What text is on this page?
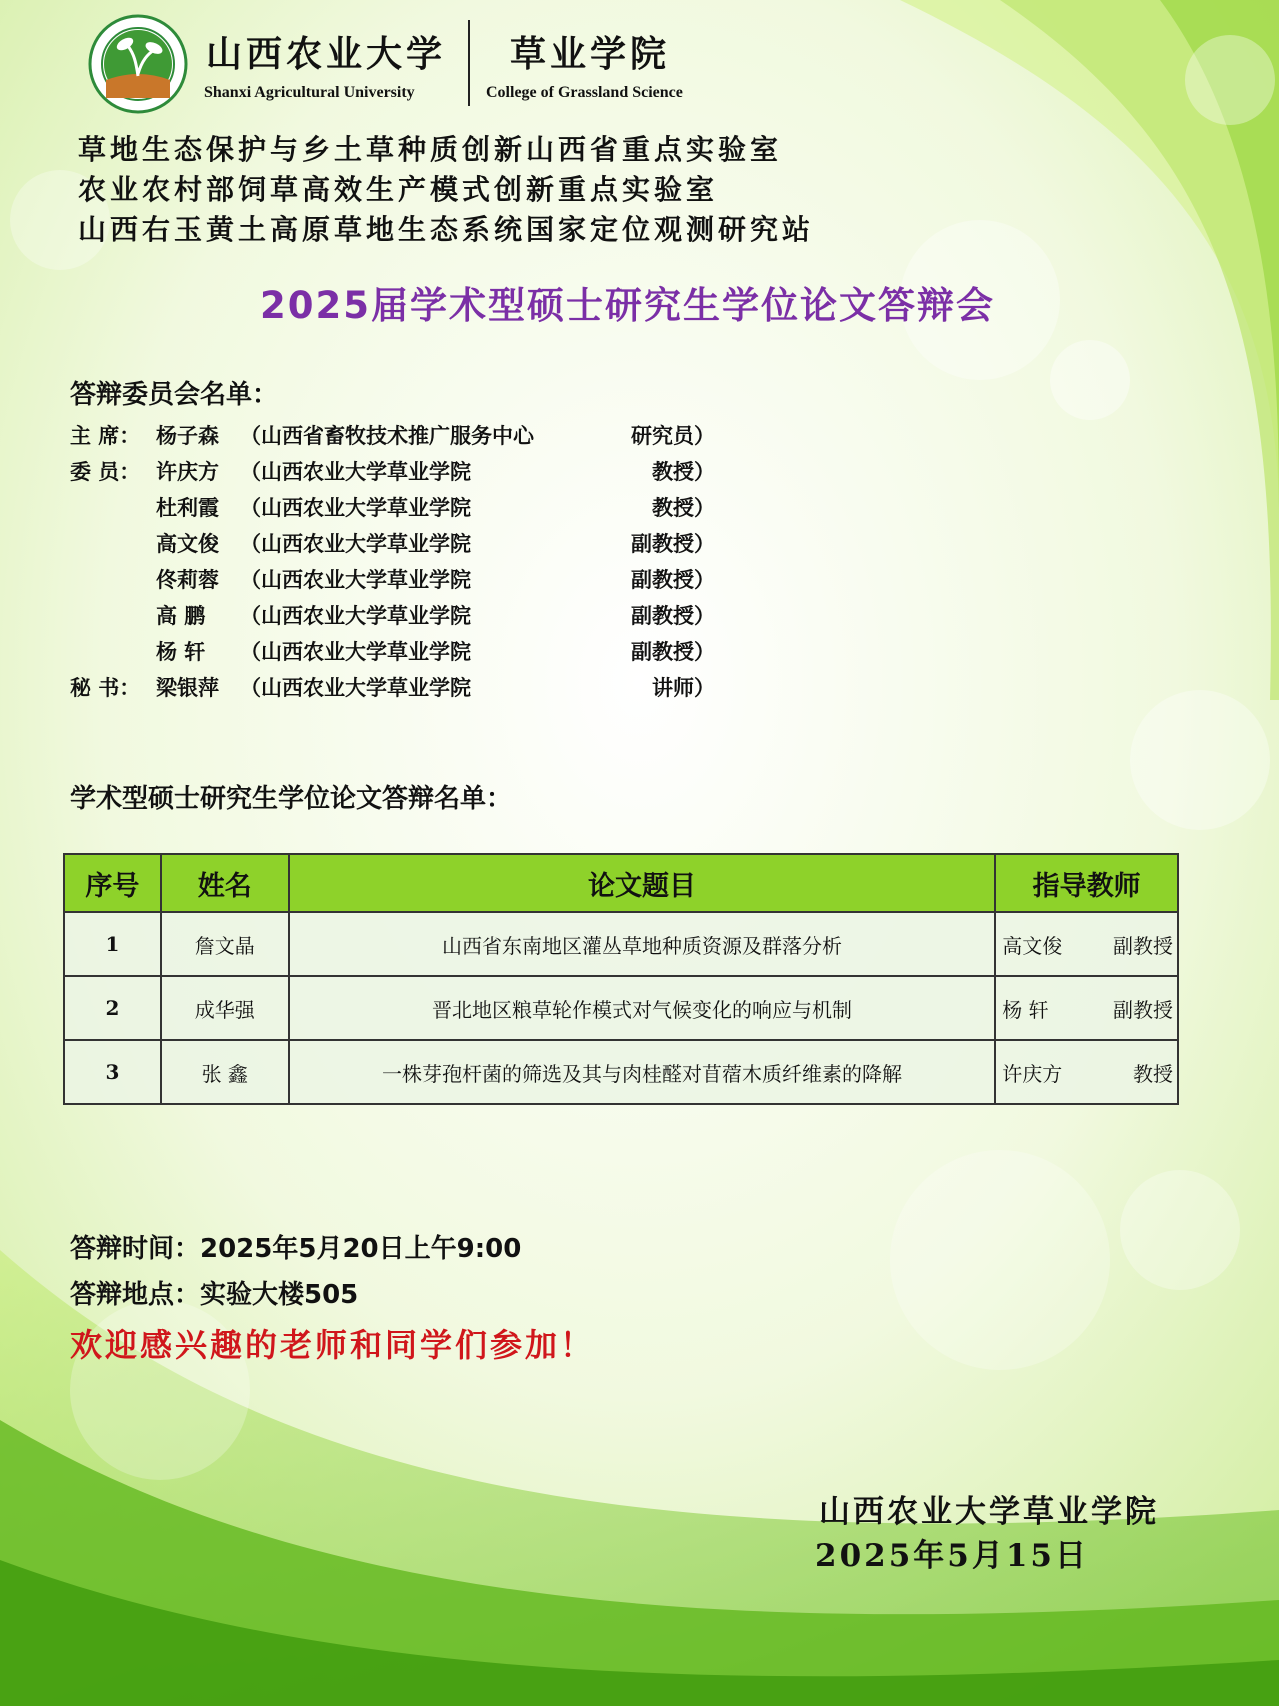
山西农业大学
Shanxi Agricultural University
草业学院
College of Grassland Science
草地生态保护与乡土草种质创新山西省重点实验室
农业农村部饲草高效生产模式创新重点实验室
山西右玉黄土高原草地生态系统国家定位观测研究站
2025届学术型硕士研究生学位论文答辩会
答辩委员会名单：
主 席： 杨子森 （山西省畜牧技术推广服务中心	研究员）
委 员： 许庆方 （山西农业大学草业学院	教授）
杜利霞 （山西农业大学草业学院	教授）
高文俊 （山西农业大学草业学院	副教授）
佟莉蓉 （山西农业大学草业学院	副教授）
高 鹏 （山西农业大学草业学院	副教授）
杨 轩 （山西农业大学草业学院	副教授）
秘 书： 梁银萍 （山西农业大学草业学院	讲师）
学术型硕士研究生学位论文答辩名单：
序号	姓名	论文题目	指导教师
1	詹文晶	山西省东南地区灌丛草地种质资源及群落分析	高文俊 副教授

2	成华强	晋北地区粮草轮作模式对气候变化的响应与机制	杨 轩 副教授

3	张 鑫	一株芽孢杆菌的筛选及其与肉桂醛对苜蓿木质纤维素的降解	许庆方 教授
答辩时间：2025年5月20日上午9:00
答辩地点：实验大楼505
欢迎感兴趣的老师和同学们参加！
山西农业大学草业学院
2025年5月15日
